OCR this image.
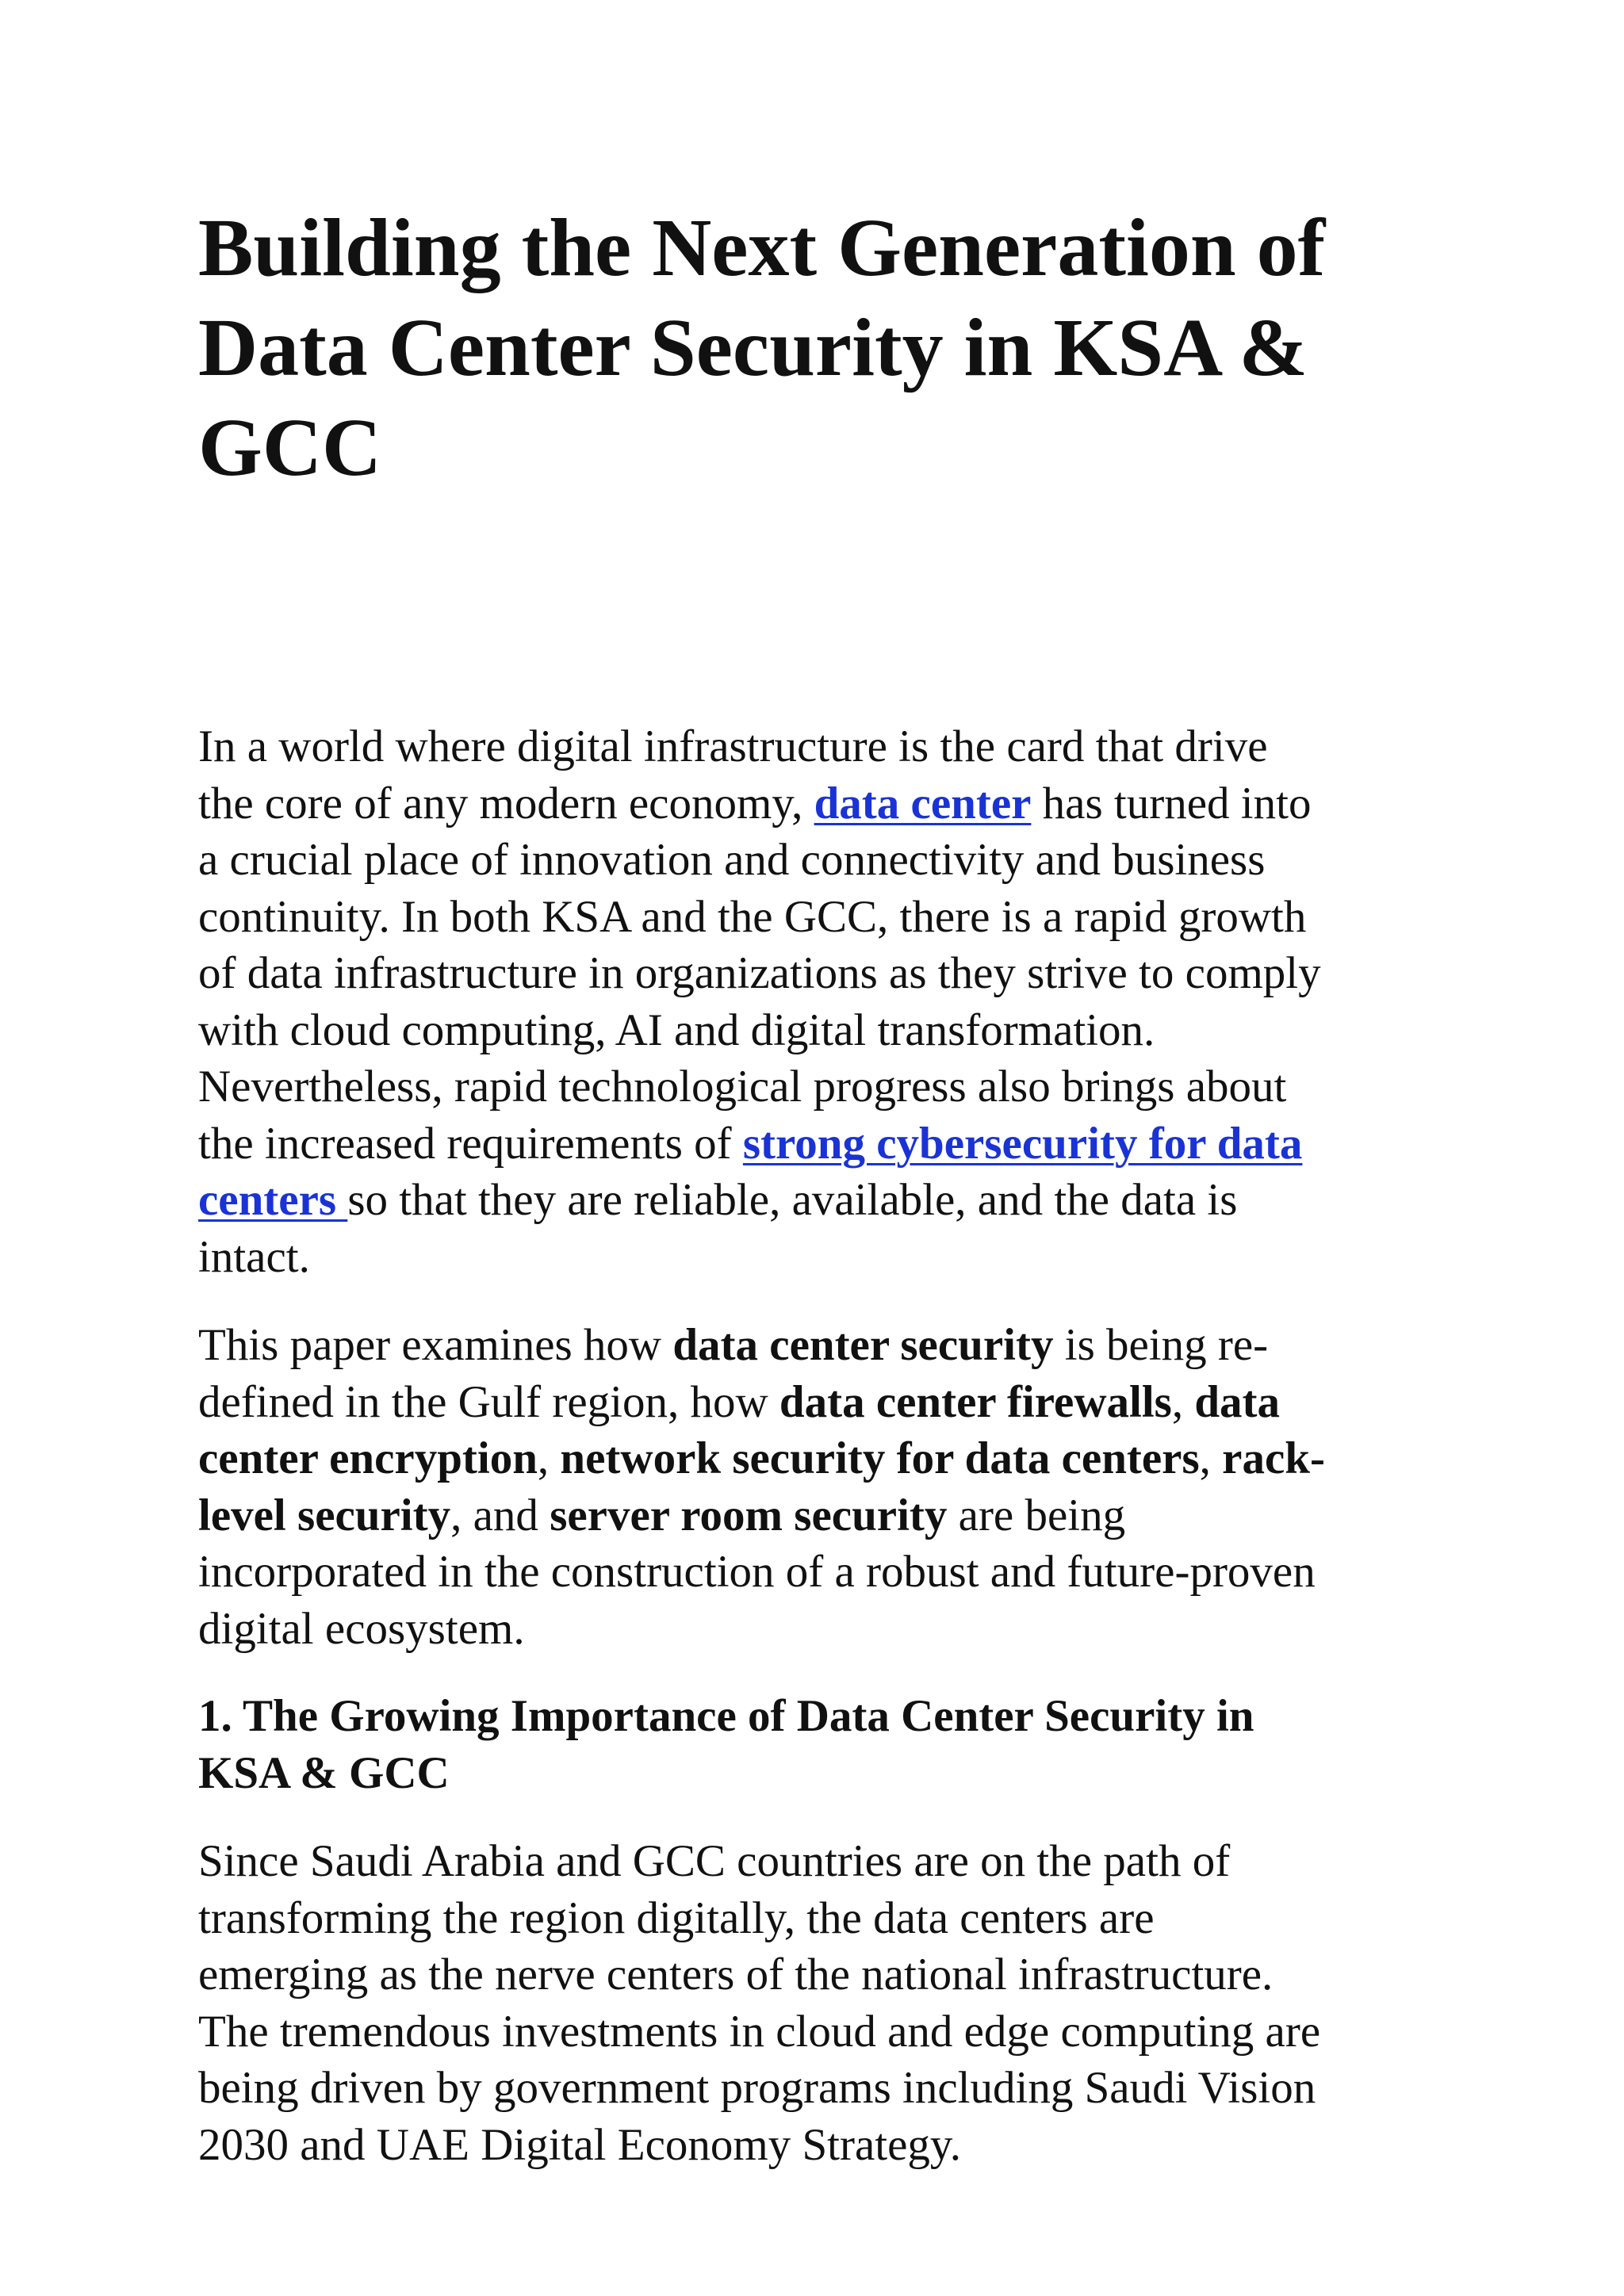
Building the Next Generation of
Data Center Security in KSA &
GCC

In a world where digital infrastructure is the card that drive
the core of any modern economy, data center has turned into
a crucial place of innovation and connectivity and business
continuity. In both KSA and the GCC, there is a rapid growth
of data infrastructure in organizations as they strive to comply
with cloud computing, AI and digital transformation.
Nevertheless, rapid technological progress also brings about
the increased requirements of strong cybersecurity for data
centers so that they are reliable, available, and the data is
intact.

This paper examines how data center security is being re-
defined in the Gulf region, how data center firewalls, data
center encryption, network security for data centers, rack-
level security, and server room security are being
incorporated in the construction of a robust and future-proven
digital ecosystem.

1. The Growing Importance of Data Center Security in
KSA & GCC

Since Saudi Arabia and GCC countries are on the path of
transforming the region digitally, the data centers are
emerging as the nerve centers of the national infrastructure.
The tremendous investments in cloud and edge computing are
being driven by government programs including Saudi Vision
2030 and UAE Digital Economy Strategy.
